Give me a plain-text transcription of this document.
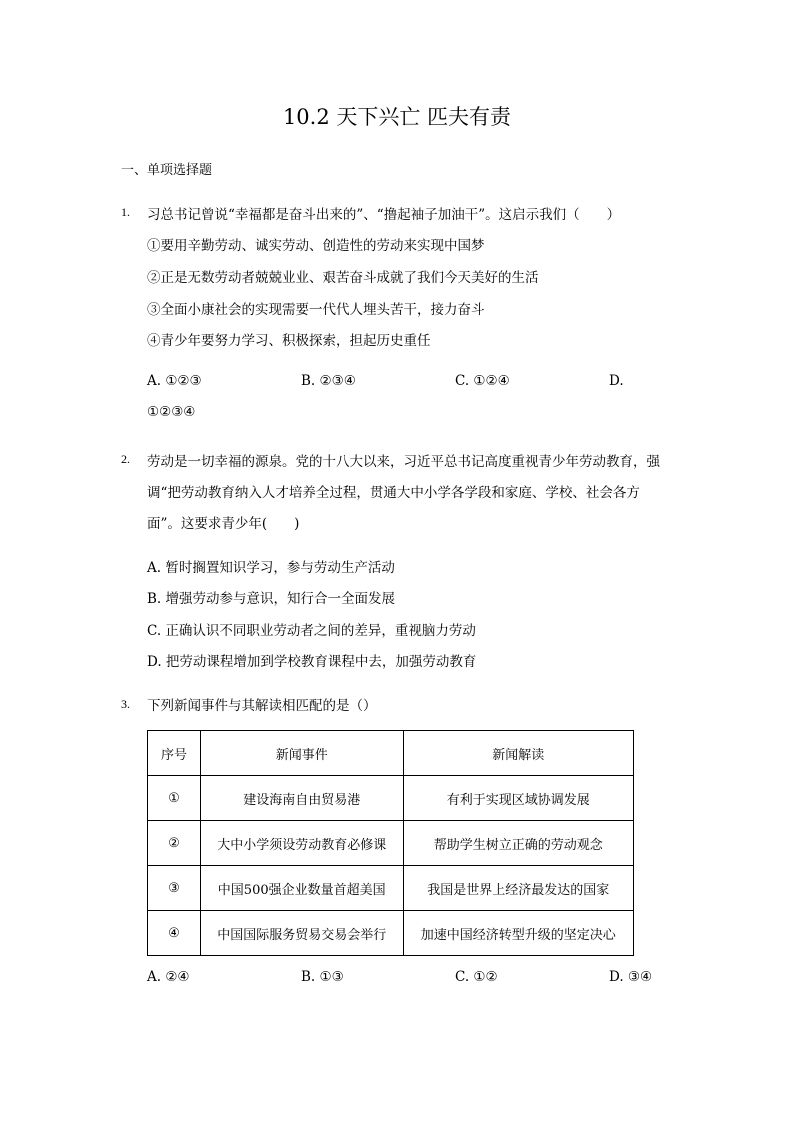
10.2 天下兴亡 匹夫有责
一、单项选择题
1. 习总书记曾说“幸福都是奋斗出来的”、“撸起袖子加油干”。这启示我们（　　）
①要用辛勤劳动、诚实劳动、创造性的劳动来实现中国梦
②正是无数劳动者兢兢业业、艰苦奋斗成就了我们今天美好的生活
③全面小康社会的实现需要一代代人埋头苦干，接力奋斗
④青少年要努力学习、积极探索，担起历史重任
A. ①②③	B. ②③④	C. ①②④	D.
①②③④
2. 劳动是一切幸福的源泉。党的十八大以来，习近平总书记高度重视青少年劳动教育，强
调“把劳动教育纳入人才培养全过程，贯通大中小学各学段和家庭、学校、社会各方
面”。这要求青少年(　　)
A. 暂时搁置知识学习，参与劳动生产活动
B. 增强劳动参与意识，知行合一全面发展
C. 正确认识不同职业劳动者之间的差异，重视脑力劳动
D. 把劳动课程增加到学校教育课程中去，加强劳动教育
3. 下列新闻事件与其解读相匹配的是（）
序号	新闻事件	新闻解读
①	建设海南自由贸易港	有利于实现区域协调发展
②	大中小学须设劳动教育必修课	帮助学生树立正确的劳动观念
③	中国500强企业数量首超美国	我国是世界上经济最发达的国家
④	中国国际服务贸易交易会举行	加速中国经济转型升级的坚定决心
A. ②④	B. ①③	C. ①②	D. ③④
